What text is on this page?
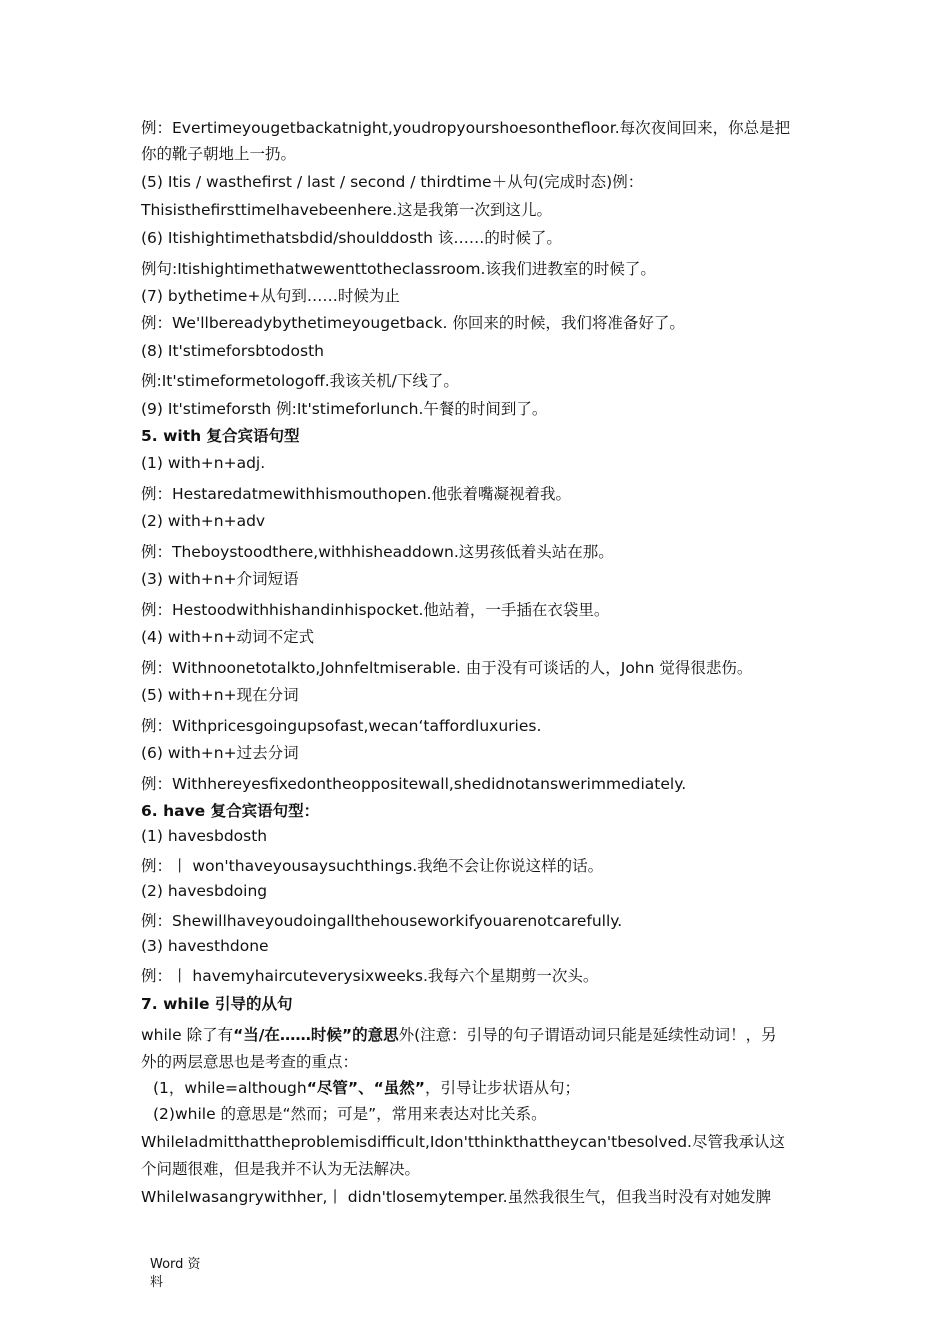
例：Evertimeyougetbackatnight,youdropyourshoesonthefloor.每次夜间回来，你总是把
你的靴子朝地上一扔。
(5) Itis / wasthefirst / last / second / thirdtime＋从句(完成时态)例：
ThisisthefirsttimeIhavebeenhere.这是我第一次到这儿。
(6) Itishightimethatsbdid/shoulddosth 该……的时候了。
例句:Itishightimethatwewenttotheclassroom.该我们进教室的时候了。
(7) bythetime+从句到……时候为止
例：We'llbereadybythetimeyougetback. 你回来的时候，我们将准备好了。
(8) It'stimeforsbtodosth
例:It'stimeformetologoff.我该关机/下线了。
(9) It'stimeforsth 例:It'stimeforlunch.午餐的时间到了。
5. with 复合宾语句型
(1) with+n+adj.
例：Hestaredatmewithhismouthopen.他张着嘴凝视着我。
(2) with+n+adv
例：Theboystoodthere,withhisheaddown.这男孩低着头站在那。
(3) with+n+介词短语
例：Hestoodwithhishandinhispocket.他站着，一手插在衣袋里。
(4) with+n+动词不定式
例：Withnoonetotalkto,Johnfeltmiserable. 由于没有可谈话的人，John 觉得很悲伤。
(5) with+n+现在分词
例：Withpricesgoingupsofast,wecan‘taffordluxuries.
(6) with+n+过去分词
例：Withhereyesfixedontheoppositewall,shedidnotanswerimmediately.
6. have 复合宾语句型：
(1) havesbdosth
例：丨 won'thaveyousaysuchthings.我绝不会让你说这样的话。
(2) havesbdoing
例：Shewillhaveyoudoingallthehouseworkifyouarenotcarefully.
(3) havesthdone
例：丨 havemyhaircuteverysixweeks.我每六个星期剪一次头。
7. while 引导的从句
while 除了有“当/在……时候”的意思外(注意：引导的句子谓语动词只能是延续性动词！，另
外的两层意思也是考查的重点：
(1，while=although“尽管”、“虽然”，引导让步状语从句；
(2)while 的意思是“然而；可是”，常用来表达对比关系。
WhileIadmitthattheproblemisdifficult,Idon'tthinkthattheycan'tbesolved.尽管我承认这
个问题很难，但是我并不认为无法解决。
WhileIwasangrywithher,丨 didn'tlosemytemper.虽然我很生气，但我当时没有对她发脾
Word 资
料
